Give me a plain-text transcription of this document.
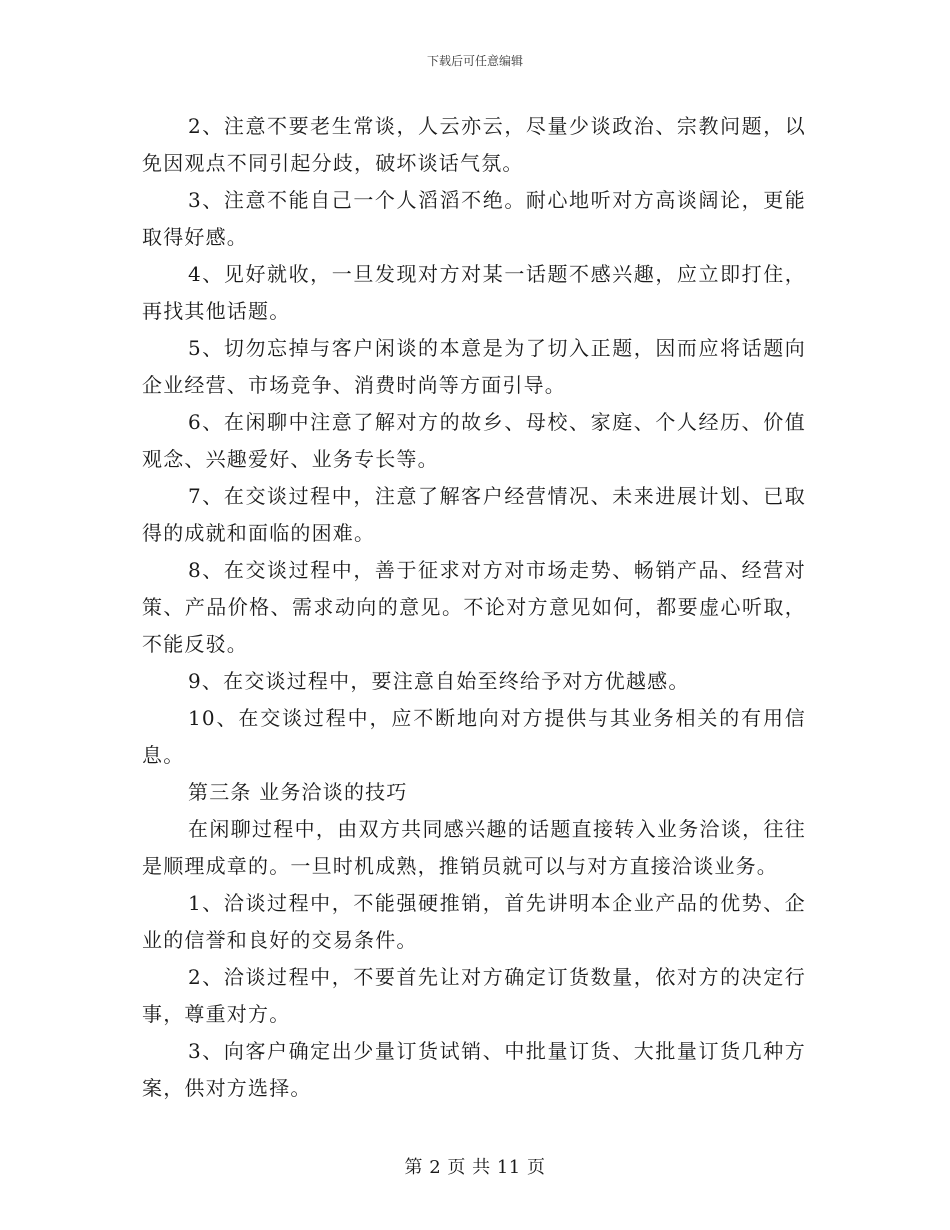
下载后可任意编辑

2、注意不要老生常谈，人云亦云，尽量少谈政治、宗教问题，以免因观点不同引起分歧，破坏谈话气氛。

3、注意不能自己一个人滔滔不绝。耐心地听对方高谈阔论，更能取得好感。

4、见好就收，一旦发现对方对某一话题不感兴趣，应立即打住，再找其他话题。

5、切勿忘掉与客户闲谈的本意是为了切入正题，因而应将话题向企业经营、市场竞争、消费时尚等方面引导。

6、在闲聊中注意了解对方的故乡、母校、家庭、个人经历、价值观念、兴趣爱好、业务专长等。

7、在交谈过程中，注意了解客户经营情况、未来进展计划、已取得的成就和面临的困难。

8、在交谈过程中，善于征求对方对市场走势、畅销产品、经营对策、产品价格、需求动向的意见。不论对方意见如何，都要虚心听取，不能反驳。

9、在交谈过程中，要注意自始至终给予对方优越感。

10、在交谈过程中，应不断地向对方提供与其业务相关的有用信息。

第三条 业务洽谈的技巧

在闲聊过程中，由双方共同感兴趣的话题直接转入业务洽谈，往往是顺理成章的。一旦时机成熟，推销员就可以与对方直接洽谈业务。

1、洽谈过程中，不能强硬推销，首先讲明本企业产品的优势、企业的信誉和良好的交易条件。

2、洽谈过程中，不要首先让对方确定订货数量，依对方的决定行事，尊重对方。

3、向客户确定出少量订货试销、中批量订货、大批量订货几种方案，供对方选择。

第 2 页 共 11 页
